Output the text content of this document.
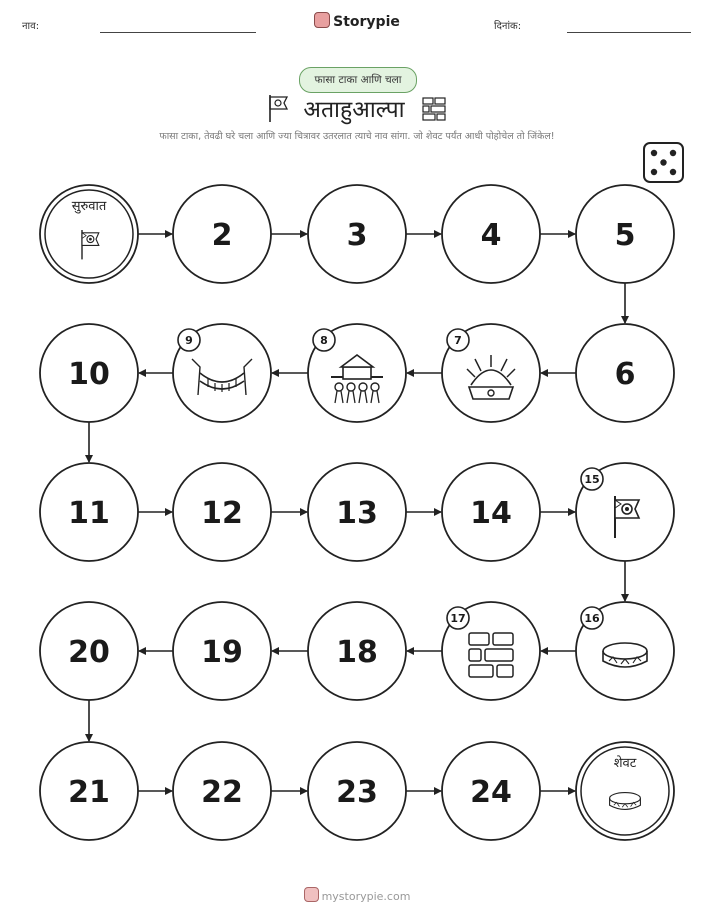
नाव:	Storypie	दिनांक:
फासा टाका आणि चला
अताहुआल्पा
फासा टाका, तेवढी घरे चला आणि ज्या चित्रावर उतरलात त्याचे नाव सांगा. जो शेवट पर्यंत आधी पोहोचेल तो जिंकेल!
सुरुवात
2	3	4	5
6
7
8
9
10
11	12	13	14
15
16
17
18
19
20
21	22	23	24
शेवट
mystorypie.com
